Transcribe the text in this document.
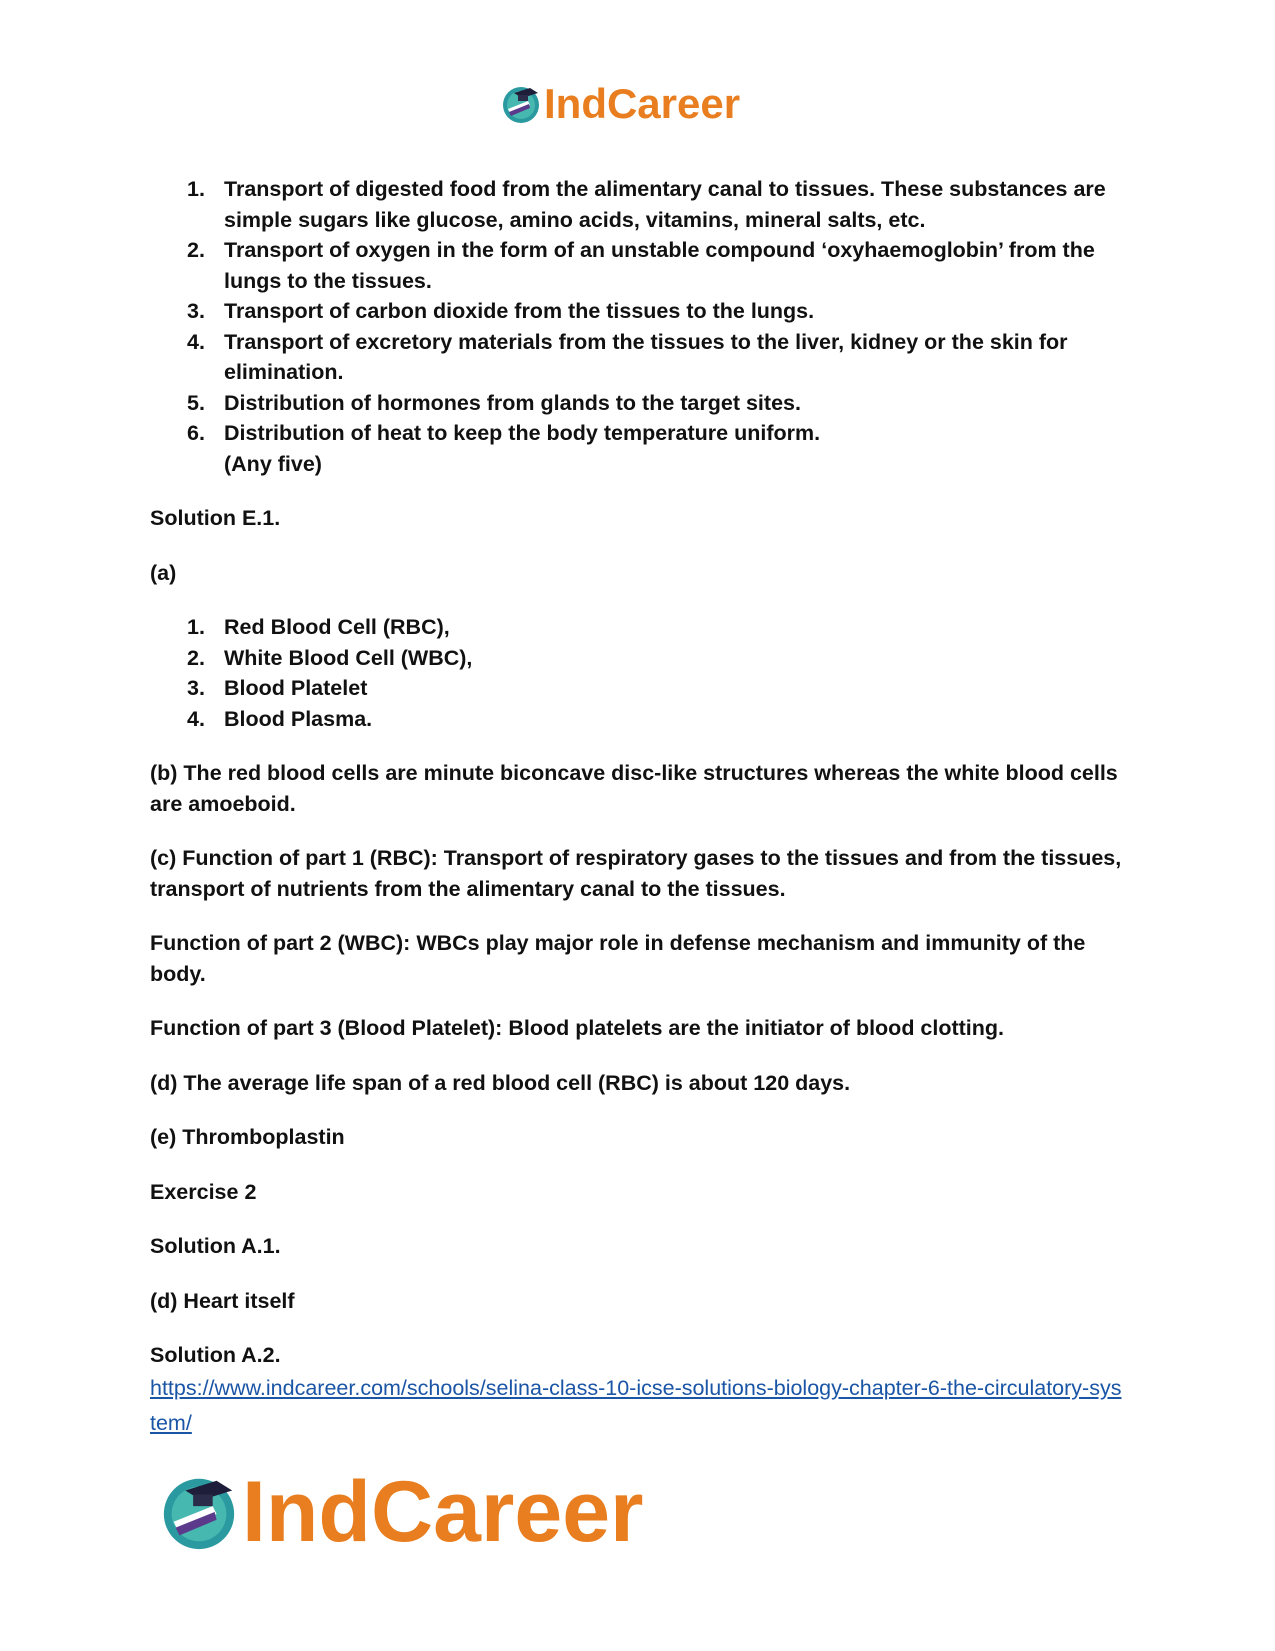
IndCareer
1. Transport of digested food from the alimentary canal to tissues. These substances are simple sugars like glucose, amino acids, vitamins, mineral salts, etc.
2. Transport of oxygen in the form of an unstable compound ‘oxyhaemoglobin’ from the lungs to the tissues.
3. Transport of carbon dioxide from the tissues to the lungs.
4. Transport of excretory materials from the tissues to the liver, kidney or the skin for elimination.
5. Distribution of hormones from glands to the target sites.
6. Distribution of heat to keep the body temperature uniform.
(Any five)

Solution E.1.

(a)

1. Red Blood Cell (RBC),
2. White Blood Cell (WBC),
3. Blood Platelet
4. Blood Plasma.

(b) The red blood cells are minute biconcave disc-like structures whereas the white blood cells are amoeboid.

(c) Function of part 1 (RBC): Transport of respiratory gases to the tissues and from the tissues, transport of nutrients from the alimentary canal to the tissues.

Function of part 2 (WBC): WBCs play major role in defense mechanism and immunity of the body.

Function of part 3 (Blood Platelet): Blood platelets are the initiator of blood clotting.

(d) The average life span of a red blood cell (RBC) is about 120 days.

(e) Thromboplastin

Exercise 2

Solution A.1.

(d) Heart itself

Solution A.2.

https://www.indcareer.com/schools/selina-class-10-icse-solutions-biology-chapter-6-the-circulatory-system/
IndCareer
